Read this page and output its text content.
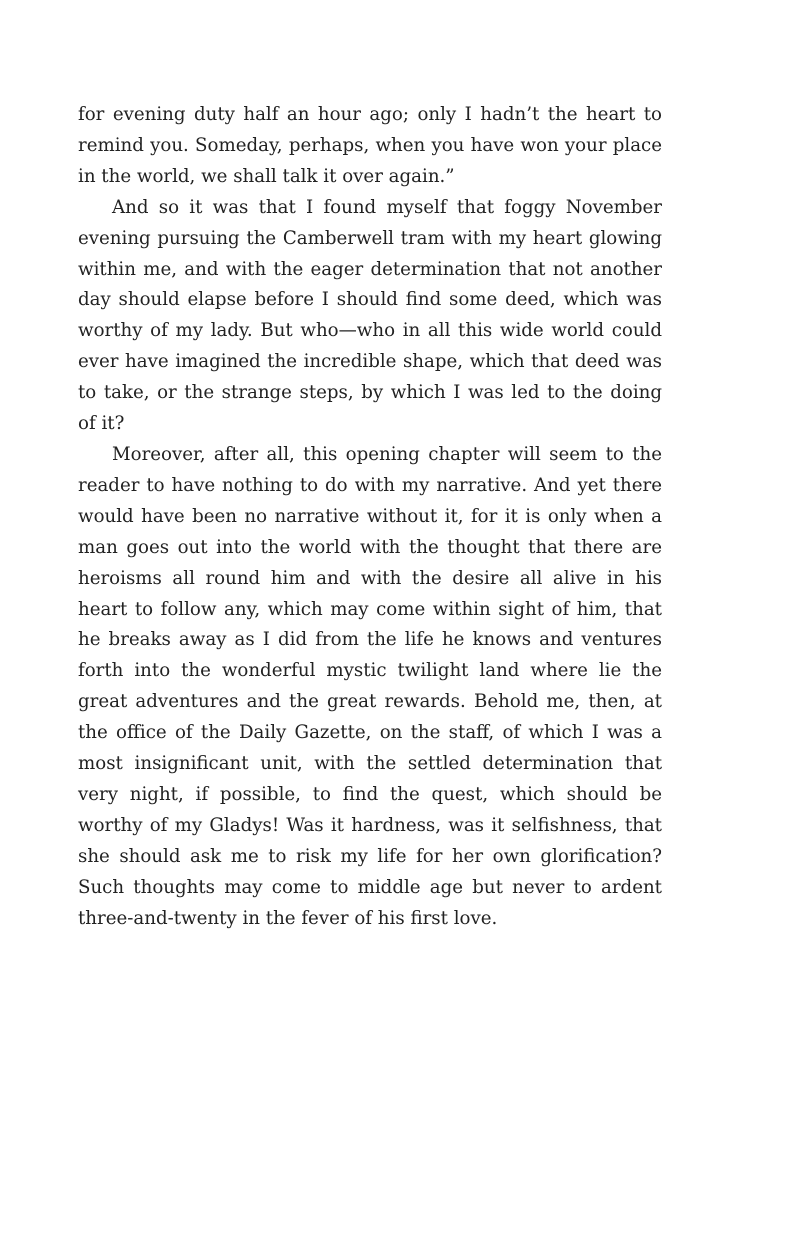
for evening duty half an hour ago; only I hadn’t the heart to remind you. Someday, perhaps, when you have won your place in the world, we shall talk it over again.”

And so it was that I found myself that foggy November evening pursuing the Camberwell tram with my heart glowing within me, and with the eager determination that not another day should elapse before I should find some deed, which was worthy of my lady. But who—who in all this wide world could ever have imagined the incredible shape, which that deed was to take, or the strange steps, by which I was led to the doing of it?

Moreover, after all, this opening chapter will seem to the reader to have nothing to do with my narrative. And yet there would have been no narrative without it, for it is only when a man goes out into the world with the thought that there are heroisms all round him and with the desire all alive in his heart to follow any, which may come within sight of him, that he breaks away as I did from the life he knows and ventures forth into the wonderful mystic twilight land where lie the great adventures and the great rewards. Behold me, then, at the office of the Daily Gazette, on the staff, of which I was a most insignificant unit, with the settled determination that very night, if possible, to find the quest, which should be worthy of my Gladys! Was it hardness, was it selfishness, that she should ask me to risk my life for her own glorification? Such thoughts may come to middle age but never to ardent three-and-twenty in the fever of his first love.
